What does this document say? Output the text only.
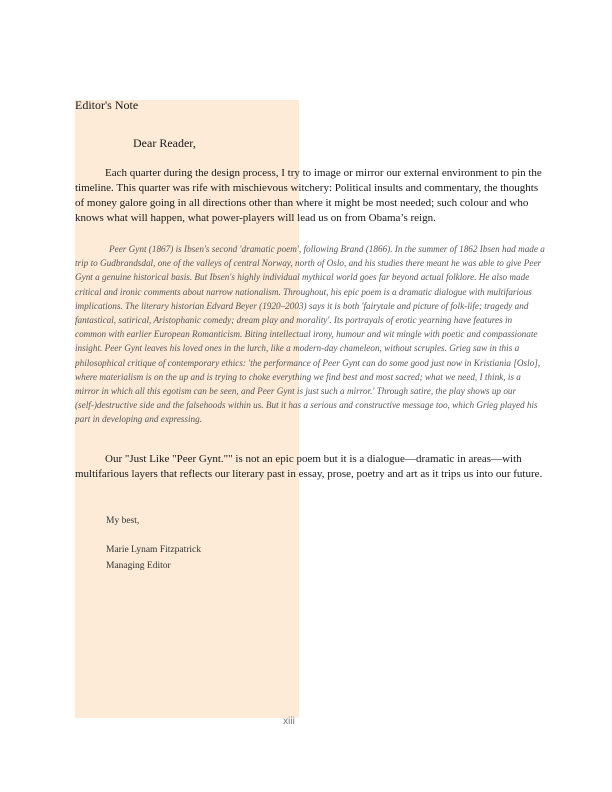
Editor's Note

Dear Reader,

Each quarter during the design process, I try to image or mirror our external environment to pin the timeline. This quarter was rife with mischievous witchery: Political insults and commentary, the thoughts of money galore going in all directions other than where it might be most needed; such colour and who knows what will happen, what power-players will lead us on from Obama’s reign.

Peer Gynt (1867) is Ibsen's second 'dramatic poem', following Brand (1866). In the summer of 1862 Ibsen had made a trip to Gudbrandsdal, one of the valleys of central Norway, north of Oslo, and his studies there meant he was able to give Peer Gynt a genuine historical basis. But Ibsen's highly individual mythical world goes far beyond actual folklore. He also made critical and ironic comments about narrow nationalism. Throughout, his epic poem is a dramatic dialogue with multifarious implications. The literary historian Edvard Beyer (1920–2003) says it is both 'fairytale and picture of folk-life; tragedy and fantastical, satirical, Aristophanic comedy; dream play and morality'. Its portrayals of erotic yearning have features in common with earlier European Romanticism. Biting intellectual irony, humour and wit mingle with poetic and compassionate insight. Peer Gynt leaves his loved ones in the lurch, like a modern-day chameleon, without scruples. Grieg saw in this a philosophical critique of contemporary ethics: 'the performance of Peer Gynt can do some good just now in Kristiania [Oslo], where materialism is on the up and is trying to choke everything we find best and most sacred; what we need, I think, is a mirror in which all this egotism can be seen, and Peer Gynt is just such a mirror.' Through satire, the play shows up our (self-)destructive side and the falsehoods within us. But it has a serious and constructive message too, which Grieg played his part in developing and expressing.

Our "Just Like "Peer Gynt."" is not an epic poem but it is a dialogue—dramatic in areas—with multifarious layers that reflects our literary past in essay, prose, poetry and art as it trips us into our future.

My best,

Marie Lynam Fitzpatrick

Managing Editor

xiii
